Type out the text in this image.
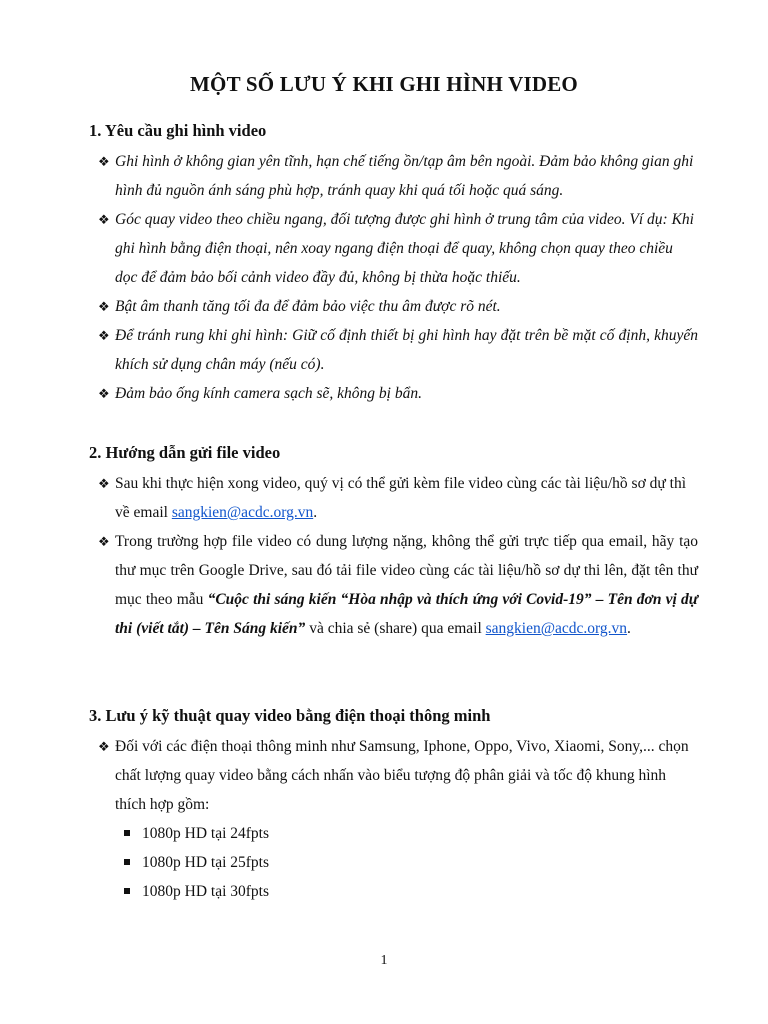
MỘT SỐ LƯU Ý KHI GHI HÌNH VIDEO
1. Yêu cầu ghi hình video
❖ Ghi hình ở không gian yên tĩnh, hạn chế tiếng ồn/tạp âm bên ngoài. Đảm bảo không gian ghi hình đủ nguồn ánh sáng phù hợp, tránh quay khi quá tối hoặc quá sáng.
❖ Góc quay video theo chiều ngang, đối tượng được ghi hình ở trung tâm của video. Ví dụ: Khi ghi hình bằng điện thoại, nên xoay ngang điện thoại để quay, không chọn quay theo chiều dọc để đảm bảo bối cảnh video đầy đủ, không bị thừa hoặc thiếu.
❖ Bật âm thanh tăng tối đa để đảm bảo việc thu âm được rõ nét.
❖ Để tránh rung khi ghi hình: Giữ cố định thiết bị ghi hình hay đặt trên bề mặt cố định, khuyến khích sử dụng chân máy (nếu có).
❖ Đảm bảo ống kính camera sạch sẽ, không bị bẩn.
2. Hướng dẫn gửi file video
❖ Sau khi thực hiện xong video, quý vị có thể gửi kèm file video cùng các tài liệu/hồ sơ dự thì về email sangkien@acdc.org.vn.
❖ Trong trường hợp file video có dung lượng nặng, không thể gửi trực tiếp qua email, hãy tạo thư mục trên Google Drive, sau đó tải file video cùng các tài liệu/hồ sơ dự thi lên, đặt tên thư mục theo mẫu “Cuộc thi sáng kiến “Hòa nhập và thích ứng với Covid-19” – Tên đơn vị dự thi (viết tắt) – Tên Sáng kiến” và chia sẻ (share) qua email sangkien@acdc.org.vn.
3. Lưu ý kỹ thuật quay video bằng điện thoại thông minh
❖ Đối với các điện thoại thông minh như Samsung, Iphone, Oppo, Vivo, Xiaomi, Sony,... chọn chất lượng quay video bằng cách nhấn vào biểu tượng độ phân giải và tốc độ khung hình thích hợp gồm:
1080p HD tại 24fpts
1080p HD tại 25fpts
1080p HD tại 30fpts
1
